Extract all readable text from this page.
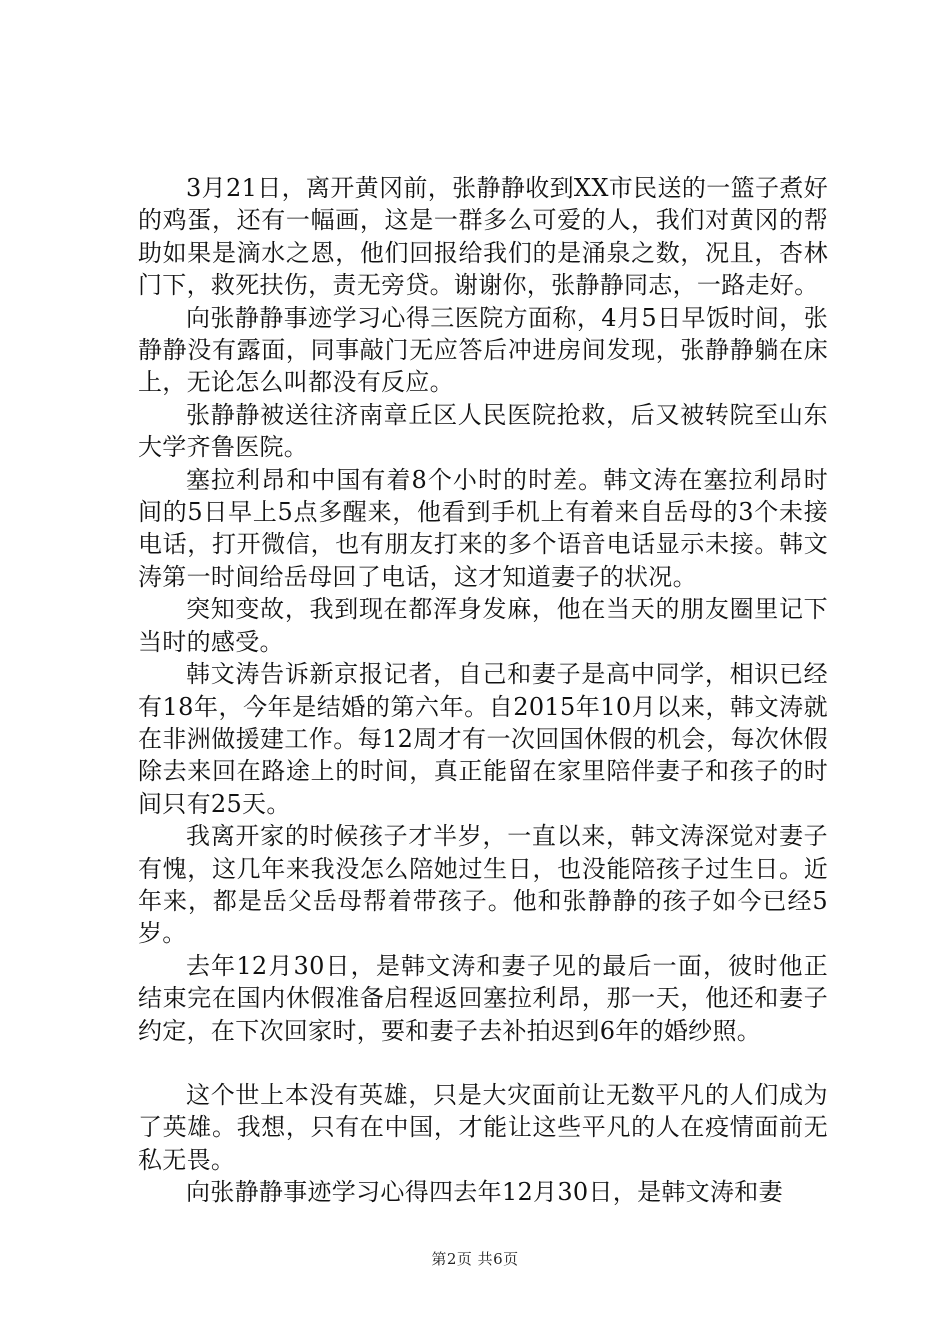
3月21日，离开黄冈前，张静静收到XX市民送的一篮子煮好的鸡蛋，还有一幅画，这是一群多么可爱的人，我们对黄冈的帮助如果是滴水之恩，他们回报给我们的是涌泉之数，况且，杏林门下，救死扶伤，责无旁贷。谢谢你，张静静同志，一路走好。

向张静静事迹学习心得三医院方面称，4月5日早饭时间，张静静没有露面，同事敲门无应答后冲进房间发现，张静静躺在床上，无论怎么叫都没有反应。

张静静被送往济南章丘区人民医院抢救，后又被转院至山东大学齐鲁医院。

塞拉利昂和中国有着8个小时的时差。韩文涛在塞拉利昂时间的5日早上5点多醒来，他看到手机上有着来自岳母的3个未接电话，打开微信，也有朋友打来的多个语音电话显示未接。韩文涛第一时间给岳母回了电话，这才知道妻子的状况。

突知变故，我到现在都浑身发麻，他在当天的朋友圈里记下当时的感受。

韩文涛告诉新京报记者，自己和妻子是高中同学，相识已经有18年，今年是结婚的第六年。自2015年10月以来，韩文涛就在非洲做援建工作。每12周才有一次回国休假的机会，每次休假除去来回在路途上的时间，真正能留在家里陪伴妻子和孩子的时间只有25天。

我离开家的时候孩子才半岁，一直以来，韩文涛深觉对妻子有愧，这几年来我没怎么陪她过生日，也没能陪孩子过生日。近年来，都是岳父岳母帮着带孩子。他和张静静的孩子如今已经5岁。

去年12月30日，是韩文涛和妻子见的最后一面，彼时他正结束完在国内休假准备启程返回塞拉利昂，那一天，他还和妻子约定，在下次回家时，要和妻子去补拍迟到6年的婚纱照。

这个世上本没有英雄，只是大灾面前让无数平凡的人们成为了英雄。我想，只有在中国，才能让这些平凡的人在疫情面前无私无畏。

向张静静事迹学习心得四去年12月30日，是韩文涛和妻

第2页 共6页
